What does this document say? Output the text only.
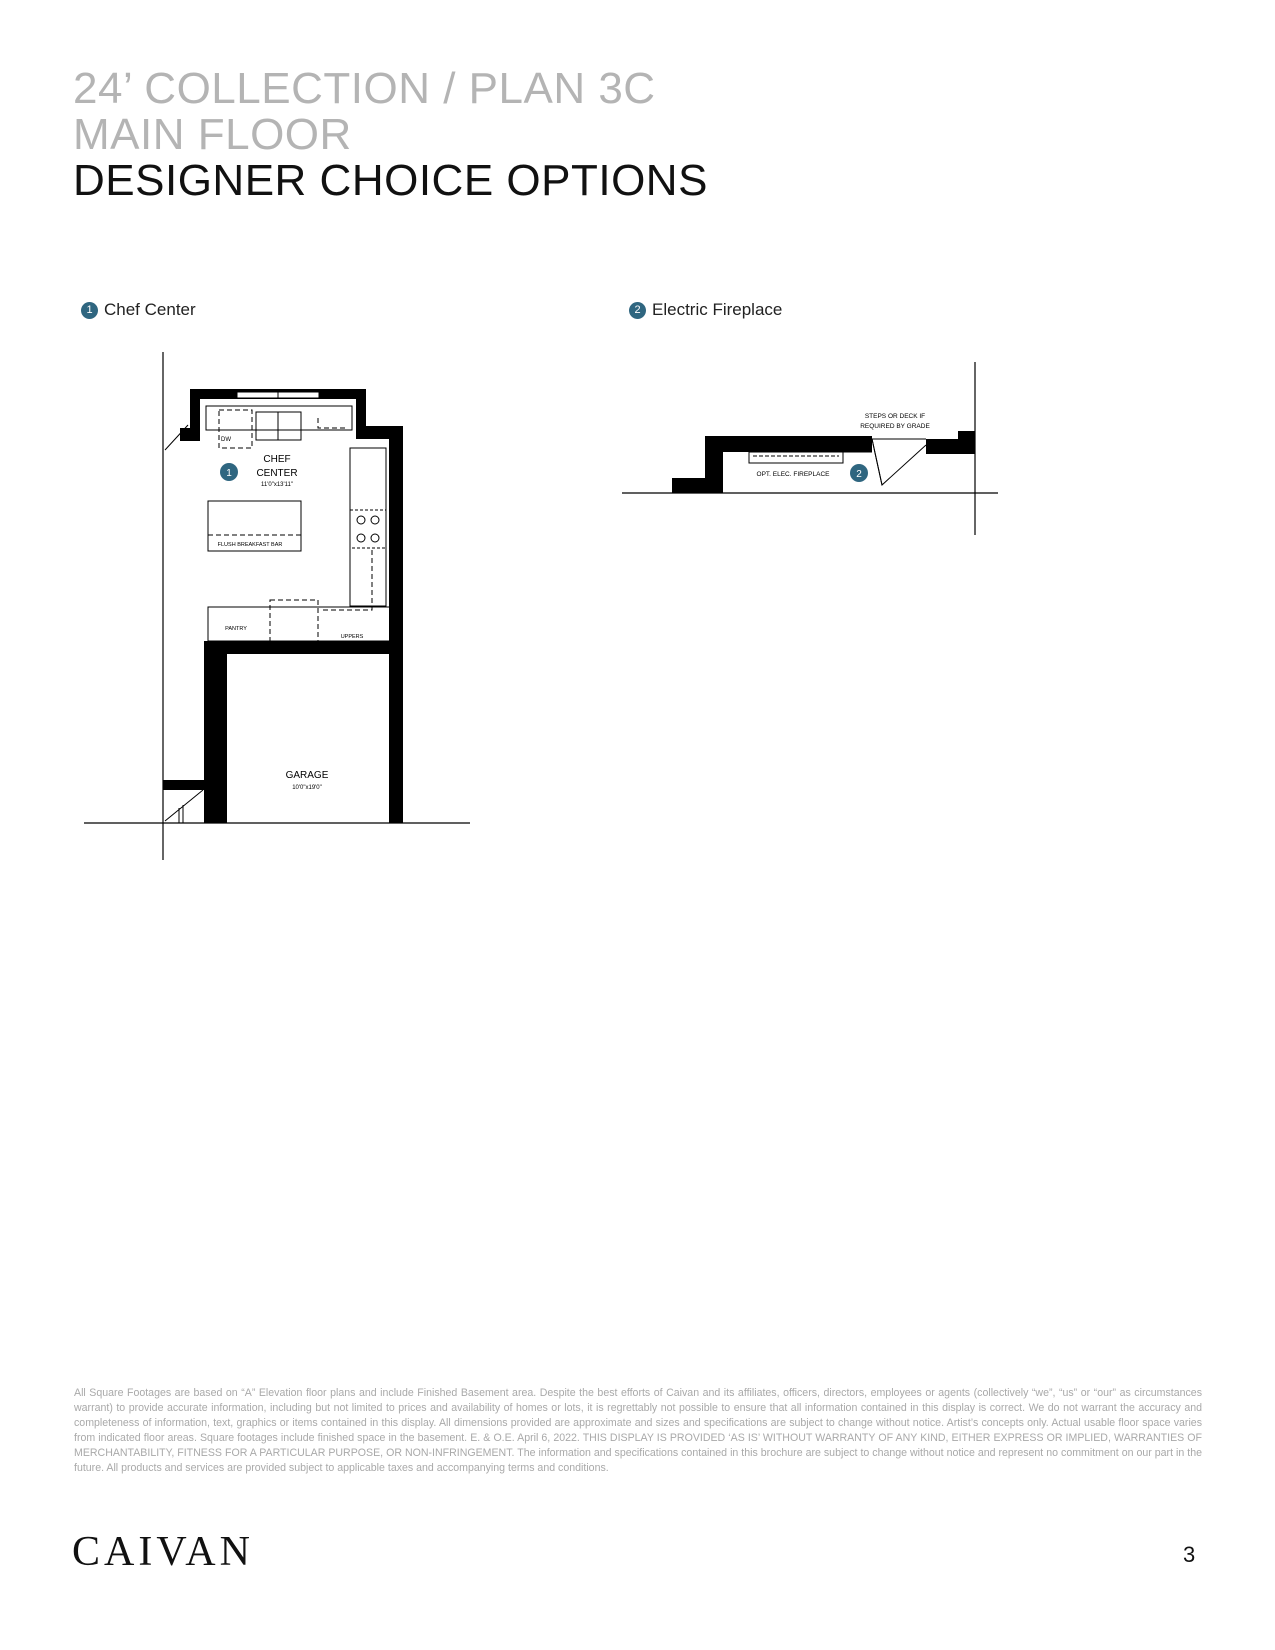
24’ COLLECTION / PLAN 3C
MAIN FLOOR
DESIGNER CHOICE OPTIONS
1 Chef Center	2 Electric Fireplace
DW
1
CHEF
CENTER
11'0"x13'11"
FLUSH BREAKFAST BAR
PANTRY
UPPERS
GARAGE
10'0"x19'0"
STEPS OR DECK IF
REQUIRED BY GRADE
OPT. ELEC. FIREPLACE	2
All Square Footages are based on “A” Elevation floor plans and include Finished Basement area. Despite the best efforts of Caivan and its affiliates, officers, directors, employees or agents (collectively “we”, “us” or “our” as circumstances warrant) to provide accurate information, including but not limited to prices and availability of homes or lots, it is regrettably not possible to ensure that all information contained in this display is correct. We do not warrant the accuracy and completeness of information, text, graphics or items contained in this display. All dimensions provided are approximate and sizes and specifications are subject to change without notice. Artist’s concepts only. Actual usable floor space varies from indicated floor areas. Square footages include finished space in the basement. E. & O.E. April 6, 2022. THIS DISPLAY IS PROVIDED ‘AS IS’ WITHOUT WARRANTY OF ANY KIND, EITHER EXPRESS OR IMPLIED, WARRANTIES OF MERCHANTABILITY, FITNESS FOR A PARTICULAR PURPOSE, OR NON-INFRINGEMENT. The information and specifications contained in this brochure are subject to change without notice and represent no commitment on our part in the future. All products and services are provided subject to applicable taxes and accompanying terms and conditions.
CAIVAN	3
